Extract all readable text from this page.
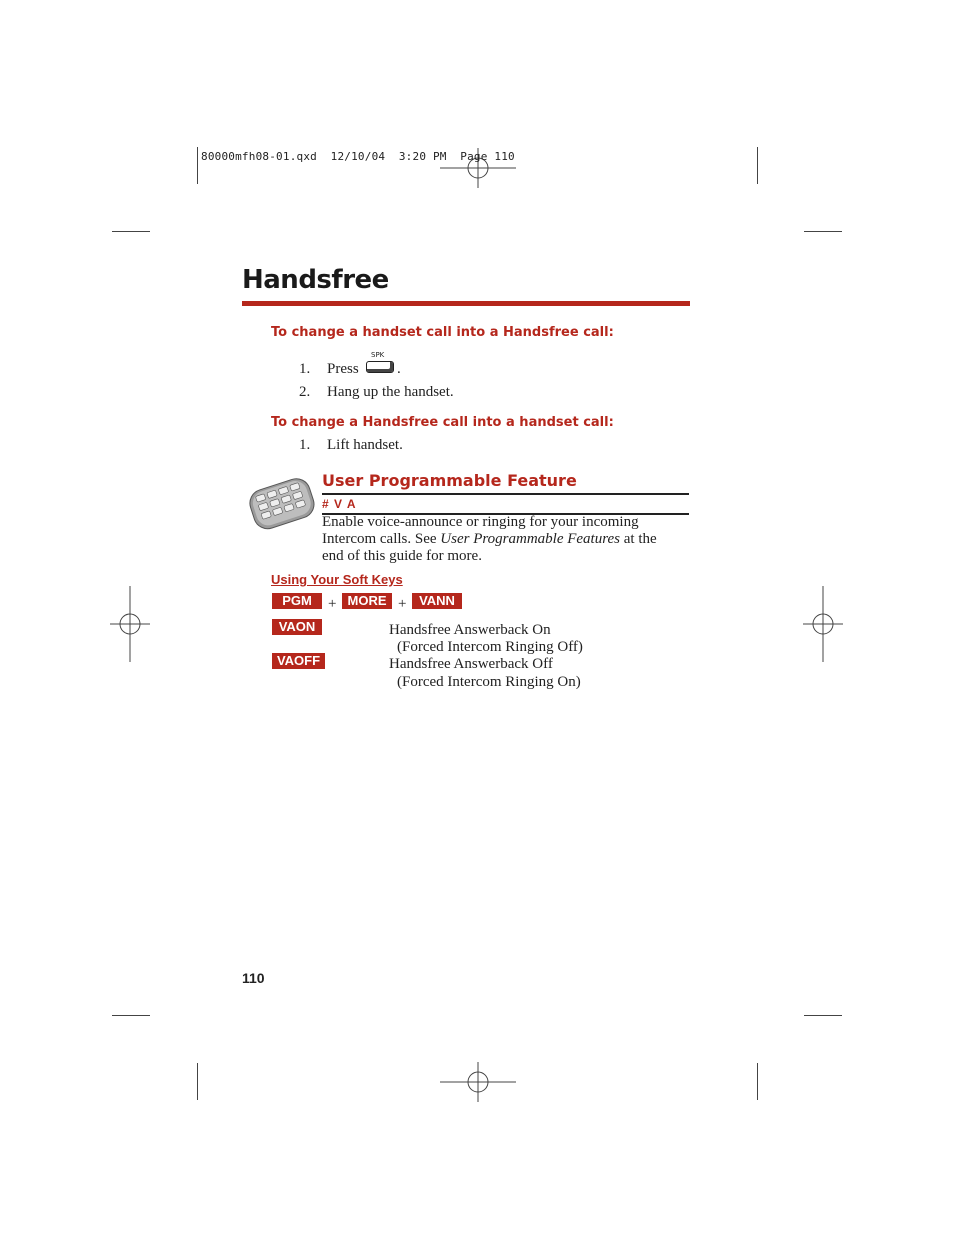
80000mfh08-01.qxd  12/10/04  3:20 PM  Page 110
Handsfree
To change a handset call into a Handsfree call:
1. Press
SPK
.
2. Hang up the handset.
To change a Handsfree call into a handset call:
1. Lift handset.
User Programmable Feature
# V A
Enable voice-announce or ringing for your incoming
Intercom calls. See User Programmable Features at the
end of this guide for more.
Using Your Soft Keys
PGM	+ MORE + VANN
VAON	Handsfree Answerback On
(Forced Intercom Ringing Off)
VAOFF	Handsfree Answerback Off
(Forced Intercom Ringing On)
110
